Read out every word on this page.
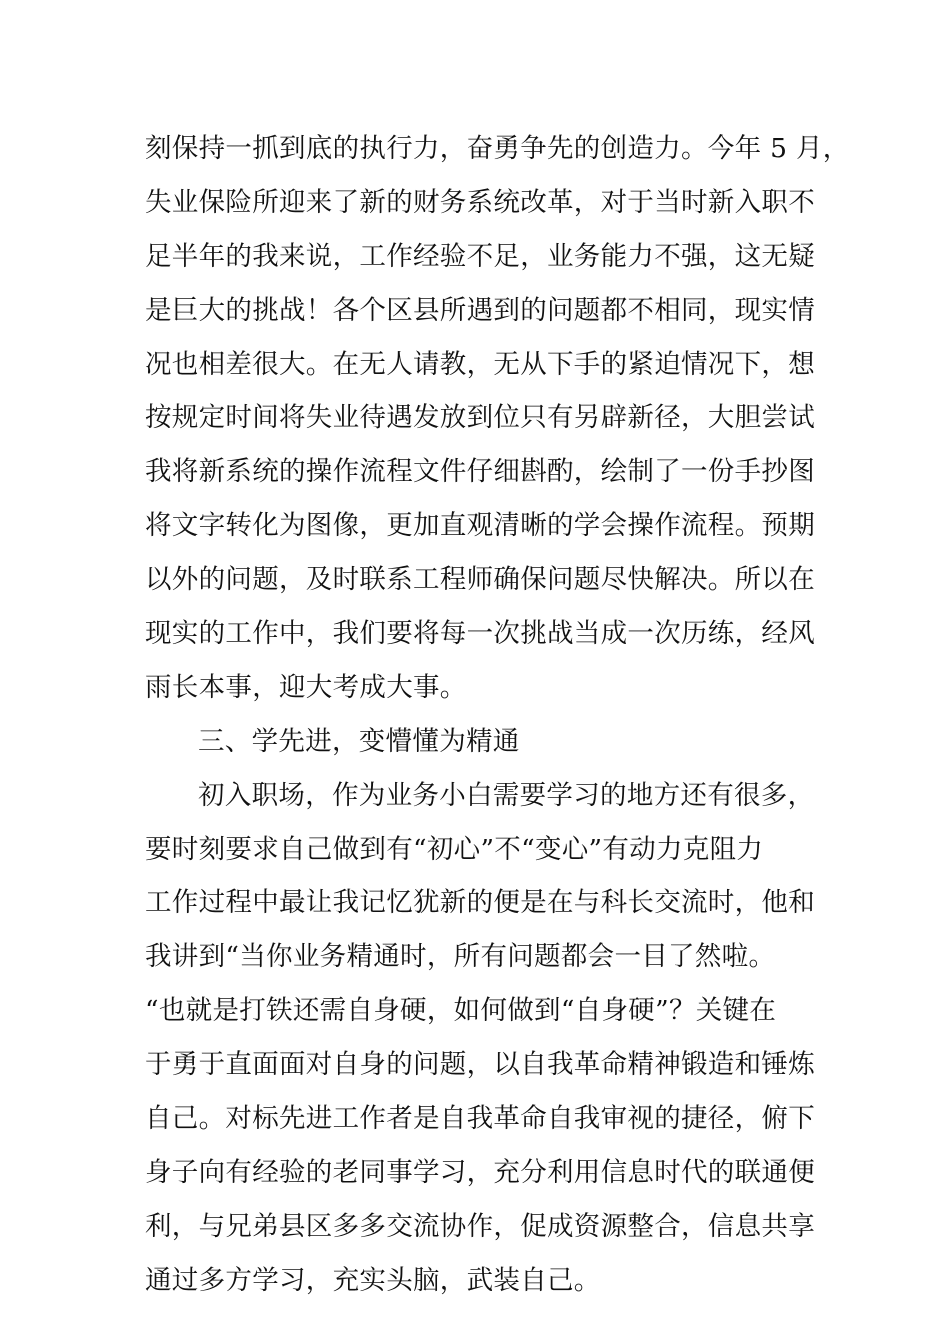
刻保持一抓到底的执行力，奋勇争先的创造力。今年 5 月，
失业保险所迎来了新的财务系统改革，对于当时新入职不
足半年的我来说，工作经验不足，业务能力不强，这无疑
是巨大的挑战！各个区县所遇到的问题都不相同，现实情
况也相差很大。在无人请教，无从下手的紧迫情况下，想
按规定时间将失业待遇发放到位只有另辟新径，大胆尝试
我将新系统的操作流程文件仔细斟酌，绘制了一份手抄图
将文字转化为图像，更加直观清晰的学会操作流程。预期
以外的问题，及时联系工程师确保问题尽快解决。所以在
现实的工作中，我们要将每一次挑战当成一次历练，经风
雨长本事，迎大考成大事。
三、学先进，变懵懂为精通
初入职场，作为业务小白需要学习的地方还有很多，
要时刻要求自己做到有“初心”不“变心”有动力克阻力
工作过程中最让我记忆犹新的便是在与科长交流时，他和
我讲到“当你业务精通时，所有问题都会一目了然啦。
“也就是打铁还需自身硬，如何做到“自身硬”？关键在
于勇于直面面对自身的问题，以自我革命精神锻造和锤炼
自己。对标先进工作者是自我革命自我审视的捷径，俯下
身子向有经验的老同事学习，充分利用信息时代的联通便
利，与兄弟县区多多交流协作，促成资源整合，信息共享
通过多方学习，充实头脑，武装自己。
